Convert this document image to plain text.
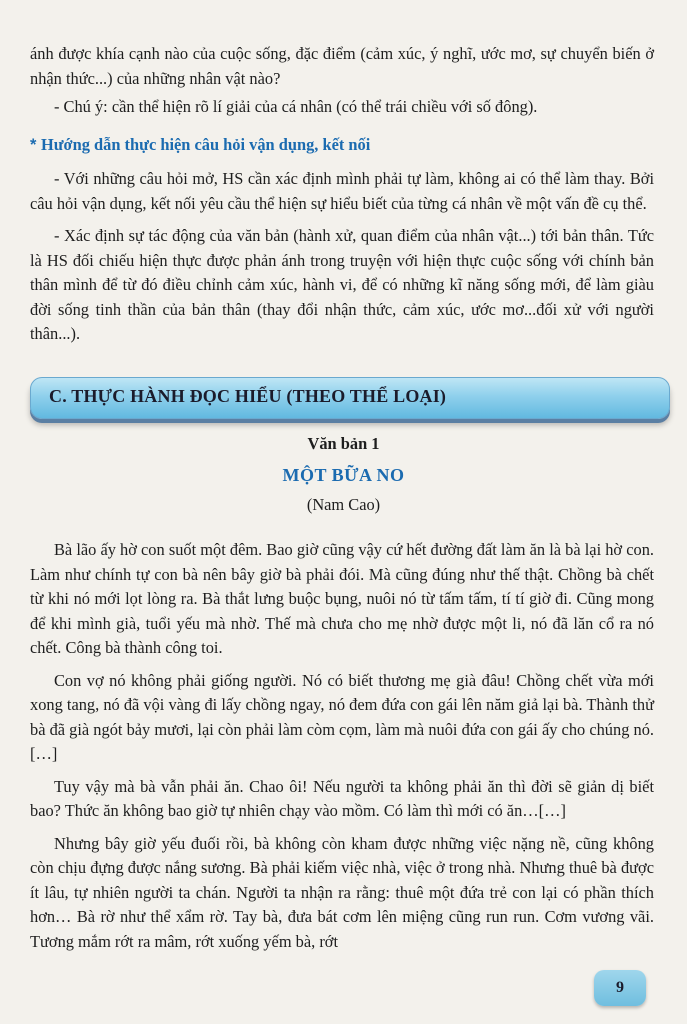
ánh được khía cạnh nào của cuộc sống, đặc điểm (cảm xúc, ý nghĩ, ước mơ, sự chuyển biến ở nhận thức...) của những nhân vật nào?

- Chú ý: cần thể hiện rõ lí giải của cá nhân (có thể trái chiều với số đông).

* Hướng dẫn thực hiện câu hỏi vận dụng, kết nối

- Với những câu hỏi mở, HS cần xác định mình phải tự làm, không ai có thể làm thay. Bởi câu hỏi vận dụng, kết nối yêu cầu thể hiện sự hiểu biết của từng cá nhân về một vấn đề cụ thể.

- Xác định sự tác động của văn bản (hành xử, quan điểm của nhân vật...) tới bản thân. Tức là HS đối chiếu hiện thực được phản ánh trong truyện với hiện thực cuộc sống với chính bản thân mình để từ đó điều chỉnh cảm xúc, hành vi, để có những kĩ năng sống mới, để làm giàu đời sống tinh thần của bản thân (thay đổi nhận thức, cảm xúc, ước mơ...đối xử với người thân...).

C. THỰC HÀNH ĐỌC HIỂU (THEO THỂ LOẠI)
Văn bản 1
MỘT BỮA NO
(Nam Cao)

Bà lão ấy hờ con suốt một đêm. Bao giờ cũng vậy cứ hết đường đất làm ăn là bà lại hờ con. Làm như chính tự con bà nên bây giờ bà phải đói. Mà cũng đúng như thế thật. Chồng bà chết từ khi nó mới lọt lòng ra. Bà thắt lưng buộc bụng, nuôi nó từ tấm tấm, tí tí giờ đi. Cũng mong để khi mình già, tuổi yếu mà nhờ. Thế mà chưa cho mẹ nhờ được một li, nó đã lăn cổ ra nó chết. Công bà thành công toi.

Con vợ nó không phải giống người. Nó có biết thương mẹ già đâu! Chồng chết vừa mới xong tang, nó đã vội vàng đi lấy chồng ngay, nó đem đứa con gái lên năm giả lại bà. Thành thử bà đã già ngót bảy mươi, lại còn phải làm còm cọm, làm mà nuôi đứa con gái ấy cho chúng nó. […]

Tuy vậy mà bà vẫn phải ăn. Chao ôi! Nếu người ta không phải ăn thì đời sẽ giản dị biết bao? Thức ăn không bao giờ tự nhiên chạy vào mồm. Có làm thì mới có ăn…[…]

Nhưng bây giờ yếu đuối rồi, bà không còn kham được những việc nặng nề, cũng không còn chịu đựng được nắng sương. Bà phải kiếm việc nhà, việc ở trong nhà. Nhưng thuê bà được ít lâu, tự nhiên người ta chán. Người ta nhận ra rằng: thuê một đứa trẻ con lại có phần thích hơn… Bà rờ như thể xẩm rờ. Tay bà, đưa bát cơm lên miệng cũng run run. Cơm vương vãi. Tương mắm rớt ra mâm, rớt xuống yếm bà, rớt

9
